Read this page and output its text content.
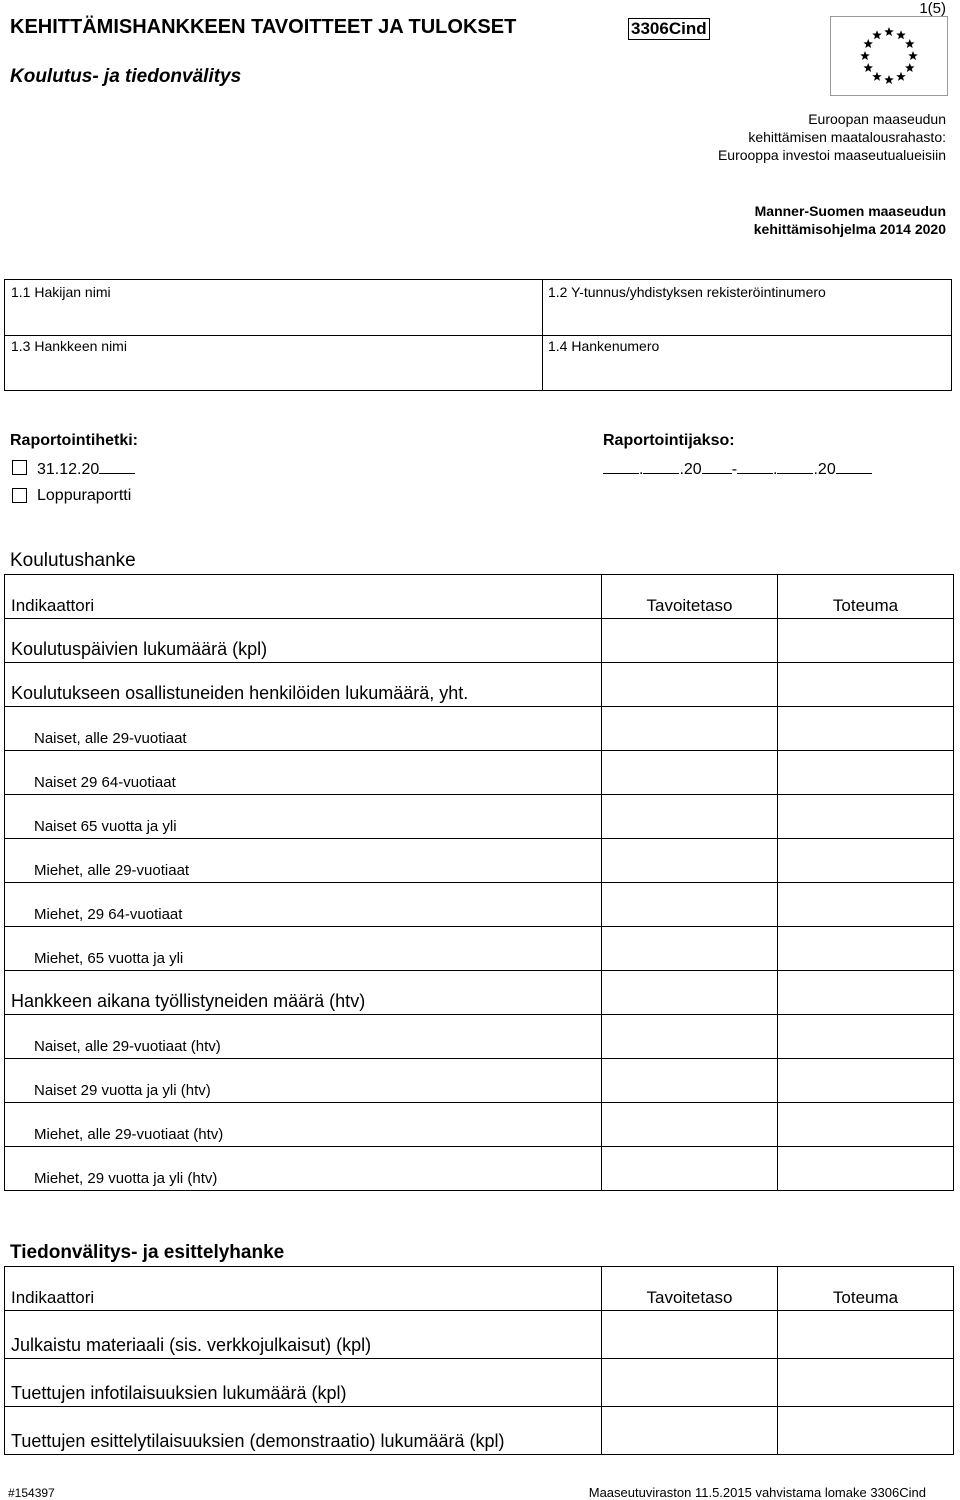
KEHITTÄMISHANKKEEN TAVOITTEET JA TULOKSET
Koulutus- ja tiedonvälitys
3306Cind
1(5)
Euroopan maaseudun
kehittämisen maatalousrahasto:
Eurooppa investoi maaseutualueisiin
Manner-Suomen maaseudun
kehittämisohjelma 2014 2020
1.1 Hakijan nimi	1.2 Y-tunnus/yhdistyksen rekisteröintinumero
1.3 Hankkeen nimi	1.4 Hankenumero
Raportointihetki:
31.12.20
Loppuraportti
Raportointijakso:
. .20 - . .20
Koulutushanke
Indikaattori	Tavoitetaso	Toteuma
Koulutuspäivien lukumäärä (kpl)		
Koulutukseen osallistuneiden henkilöiden lukumäärä, yht.		
Naiset, alle 29-vuotiaat		
Naiset 29 64-vuotiaat		
Naiset 65 vuotta ja yli		
Miehet, alle 29-vuotiaat		
Miehet, 29 64-vuotiaat		
Miehet, 65 vuotta ja yli		
Hankkeen aikana työllistyneiden määrä (htv)		
Naiset, alle 29-vuotiaat (htv)		
Naiset 29 vuotta ja yli (htv)		
Miehet, alle 29-vuotiaat (htv)		
Miehet, 29 vuotta ja yli (htv)		
Tiedonvälitys- ja esittelyhanke
Indikaattori	Tavoitetaso	Toteuma
Julkaistu materiaali (sis. verkkojulkaisut) (kpl)		
Tuettujen infotilaisuuksien lukumäärä (kpl)		
Tuettujen esittelytilaisuuksien (demonstraatio) lukumäärä (kpl)		
#154397	Maaseutuviraston 11.5.2015 vahvistama lomake 3306Cind
